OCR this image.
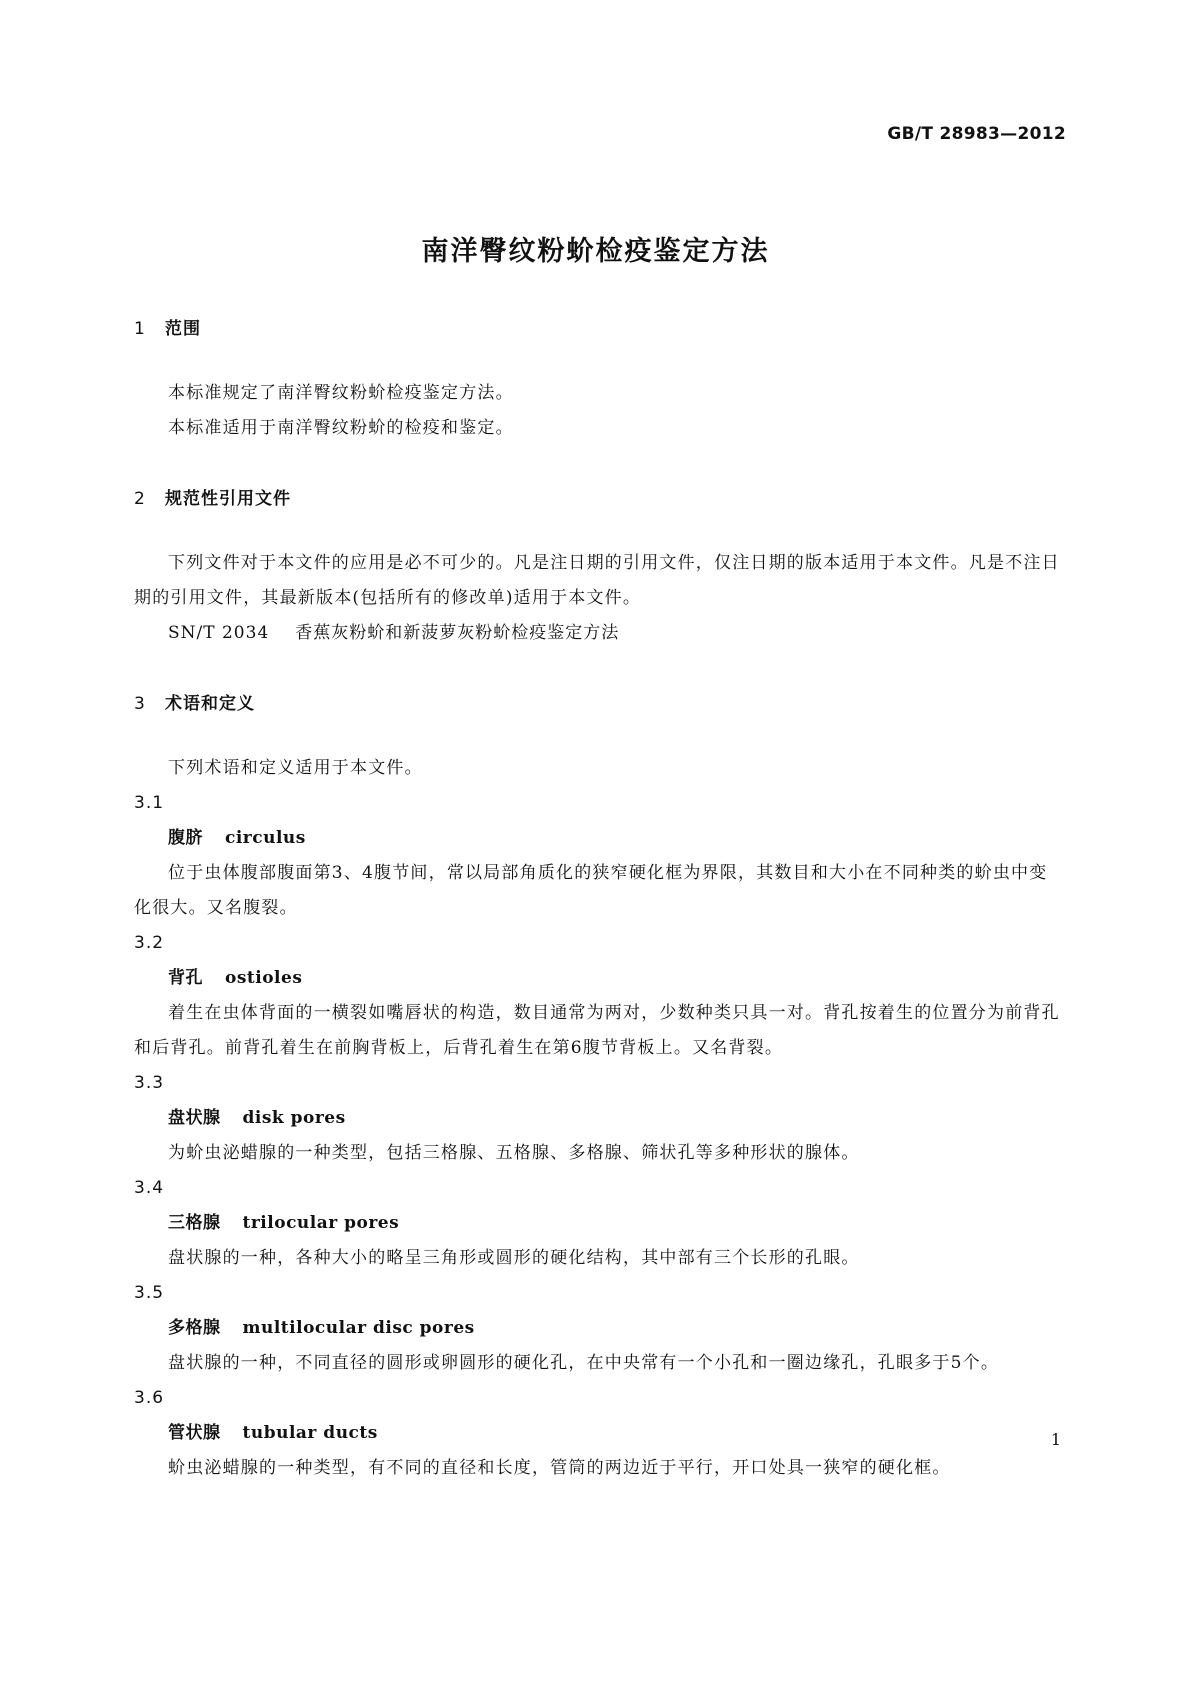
GB/T 28983—2012
南洋臀纹粉蚧检疫鉴定方法
1 范围

本标准规定了南洋臀纹粉蚧检疫鉴定方法。

本标准适用于南洋臀纹粉蚧的检疫和鉴定。

2 规范性引用文件

下列文件对于本文件的应用是必不可少的。凡是注日期的引用文件，仅注日期的版本适用于本文件。凡是不注日期的引用文件，其最新版本(包括所有的修改单)适用于本文件。

SN/T 2034 香蕉灰粉蚧和新菠萝灰粉蚧检疫鉴定方法
3 术语和定义

下列术语和定义适用于本文件。

3.1
腹脐 circulus

位于虫体腹部腹面第3、4腹节间，常以局部角质化的狭窄硬化框为界限，其数目和大小在不同种类的蚧虫中变化很大。又名腹裂。

3.2
背孔 ostioles

着生在虫体背面的一横裂如嘴唇状的构造，数目通常为两对，少数种类只具一对。背孔按着生的位置分为前背孔和后背孔。前背孔着生在前胸背板上，后背孔着生在第6腹节背板上。又名背裂。

3.3
盘状腺 disk pores

为蚧虫泌蜡腺的一种类型，包括三格腺、五格腺、多格腺、筛状孔等多种形状的腺体。

3.4
三格腺 trilocular pores

盘状腺的一种，各种大小的略呈三角形或圆形的硬化结构，其中部有三个长形的孔眼。

3.5
多格腺 multilocular disc pores

盘状腺的一种，不同直径的圆形或卵圆形的硬化孔，在中央常有一个小孔和一圈边缘孔，孔眼多于5个。

3.6
管状腺 tubular ducts

蚧虫泌蜡腺的一种类型，有不同的直径和长度，管筒的两边近于平行，开口处具一狭窄的硬化框。

1
